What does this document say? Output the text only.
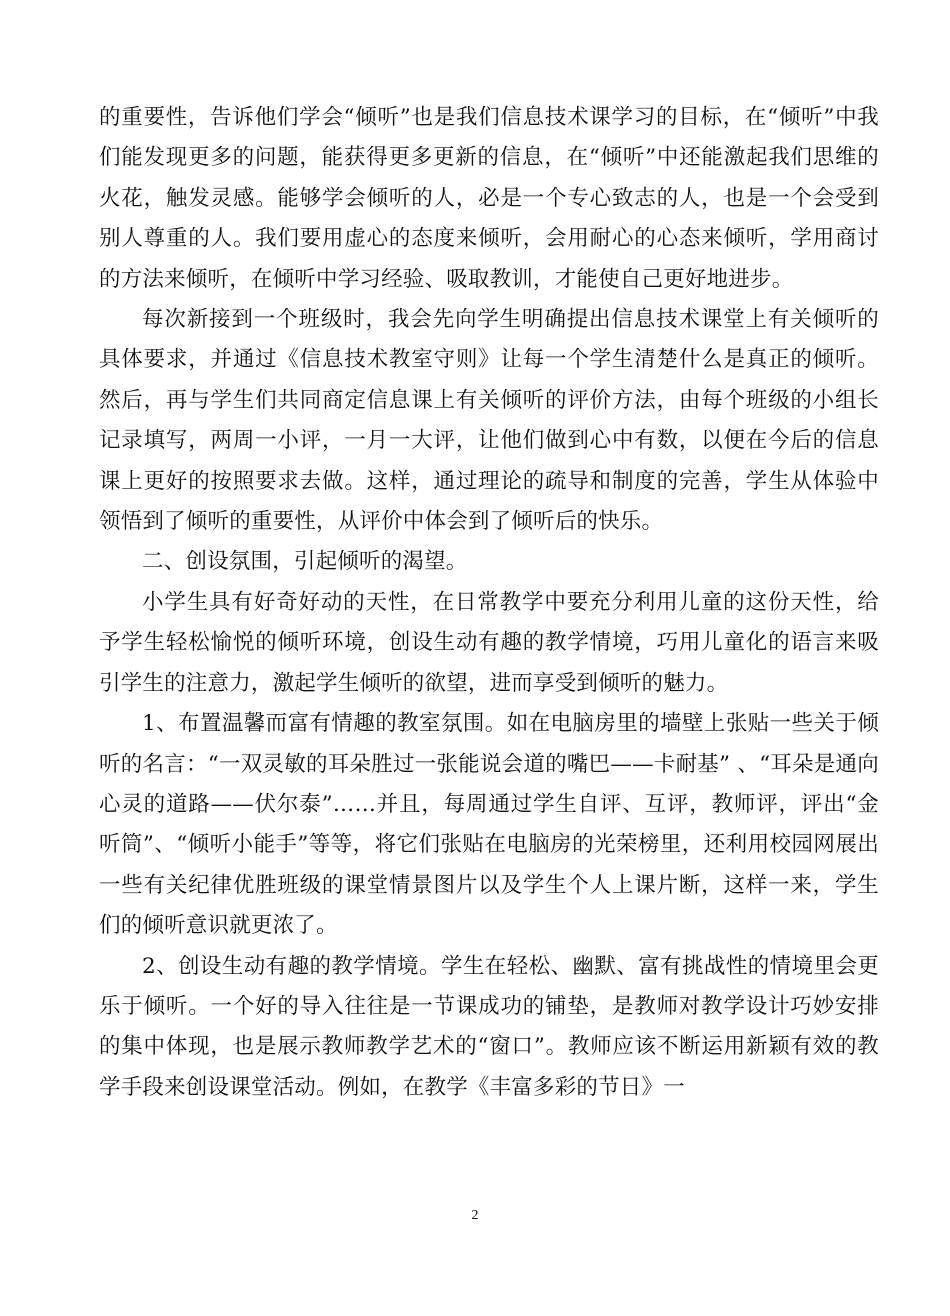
的重要性，告诉他们学会“倾听”也是我们信息技术课学习的目标，在“倾听”中我们能发现更多的问题，能获得更多更新的信息，在“倾听”中还能激起我们思维的火花，触发灵感。能够学会倾听的人，必是一个专心致志的人，也是一个会受到别人尊重的人。我们要用虚心的态度来倾听，会用耐心的心态来倾听，学用商讨的方法来倾听，在倾听中学习经验、吸取教训，才能使自己更好地进步。

每次新接到一个班级时，我会先向学生明确提出信息技术课堂上有关倾听的具体要求，并通过《信息技术教室守则》让每一个学生清楚什么是真正的倾听。然后，再与学生们共同商定信息课上有关倾听的评价方法，由每个班级的小组长记录填写，两周一小评，一月一大评，让他们做到心中有数，以便在今后的信息课上更好的按照要求去做。这样，通过理论的疏导和制度的完善，学生从体验中领悟到了倾听的重要性，从评价中体会到了倾听后的快乐。

二、创设氛围，引起倾听的渴望。

小学生具有好奇好动的天性，在日常教学中要充分利用儿童的这份天性，给予学生轻松愉悦的倾听环境，创设生动有趣的教学情境，巧用儿童化的语言来吸引学生的注意力，激起学生倾听的欲望，进而享受到倾听的魅力。

1、布置温馨而富有情趣的教室氛围。如在电脑房里的墙壁上张贴一些关于倾听的名言：“一双灵敏的耳朵胜过一张能说会道的嘴巴——卡耐基” 、“耳朵是通向心灵的道路——伏尔泰”……并且，每周通过学生自评、互评，教师评，评出“金听筒”、“倾听小能手”等等，将它们张贴在电脑房的光荣榜里，还利用校园网展出一些有关纪律优胜班级的课堂情景图片以及学生个人上课片断，这样一来，学生们的倾听意识就更浓了。

2、创设生动有趣的教学情境。学生在轻松、幽默、富有挑战性的情境里会更乐于倾听。一个好的导入往往是一节课成功的铺垫，是教师对教学设计巧妙安排的集中体现，也是展示教师教学艺术的“窗口”。教师应该不断运用新颖有效的教学手段来创设课堂活动。例如，在教学《丰富多彩的节日》一

2
